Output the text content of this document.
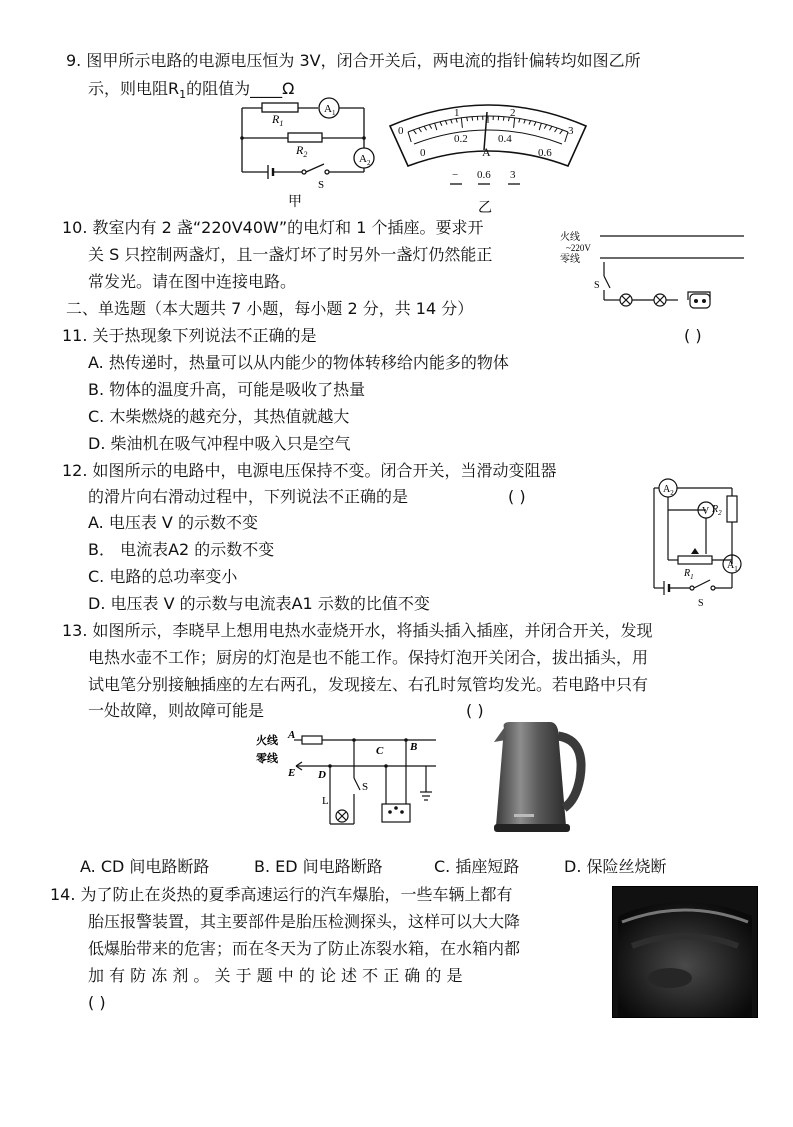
9. 图甲所示电路的电源电压恒为 3V，闭合开关后，两电流的指针偏转均如图乙所
示，则电阻$R_1$的阻值为____Ω
$R_1$
$R_2$
$A_1$
$A_2$
S
甲
0
1	2
3
0
0.2	0.4
0.6
A
− 0.6 3
乙
10. 教室内有 2 盏“220V40W”的电灯和 1 个插座。要求开
关 S 只控制两盏灯，且一盏灯坏了时另外一盏灯仍然能正
常发光。请在图中连接电路。
火线
~220V
零线
S
二、单选题（本大题共 7 小题，每小题 2 分，共 14 分）
11. 关于热现象下列说法不正确的是	( )
A. 热传递时，热量可以从内能少的物体转移给内能多的物体
B. 物体的温度升高，可能是吸收了热量
C. 木柴燃烧的越充分，其热值就越大
D. 柴油机在吸气冲程中吸入只是空气
12. 如图所示的电路中，电源电压保持不变。闭合开关，当滑动变阻器
的滑片向右滑动过程中，下列说法不正确的是	( )
A. 电压表 V 的示数不变
B． 电流表A2 的示数不变
C. 电路的总功率变小
D. 电压表 V 的示数与电流表A1 示数的比值不变
$A_2$
V $R_2$
$R_1$
$A_1$
S
13. 如图所示，李晓早上想用电热水壶烧开水，将插头插入插座，并闭合开关，发现
电热水壶不工作；厨房的灯泡是也不能工作。保持灯泡开关闭合，拔出插头，用
试电笔分别接触插座的左右两孔，发现接左、右孔时氖管均发光。若电路中只有
一处故障，则故障可能是	( )
火线
零线
A
B
C
D
E
L
S
A. CD 间电路断路	B. ED 间电路断路	C. 插座短路	D. 保险丝烧断
14. 为了防止在炎热的夏季高速运行的汽车爆胎，一些车辆上都有
胎压报警装置，其主要部件是胎压检测探头，这样可以大大降
低爆胎带来的危害；而在冬天为了防止冻裂水箱，在水箱内都
加 有 防 冻 剂 。 关 于 题 中 的 论 述 不 正 确 的 是
( )
